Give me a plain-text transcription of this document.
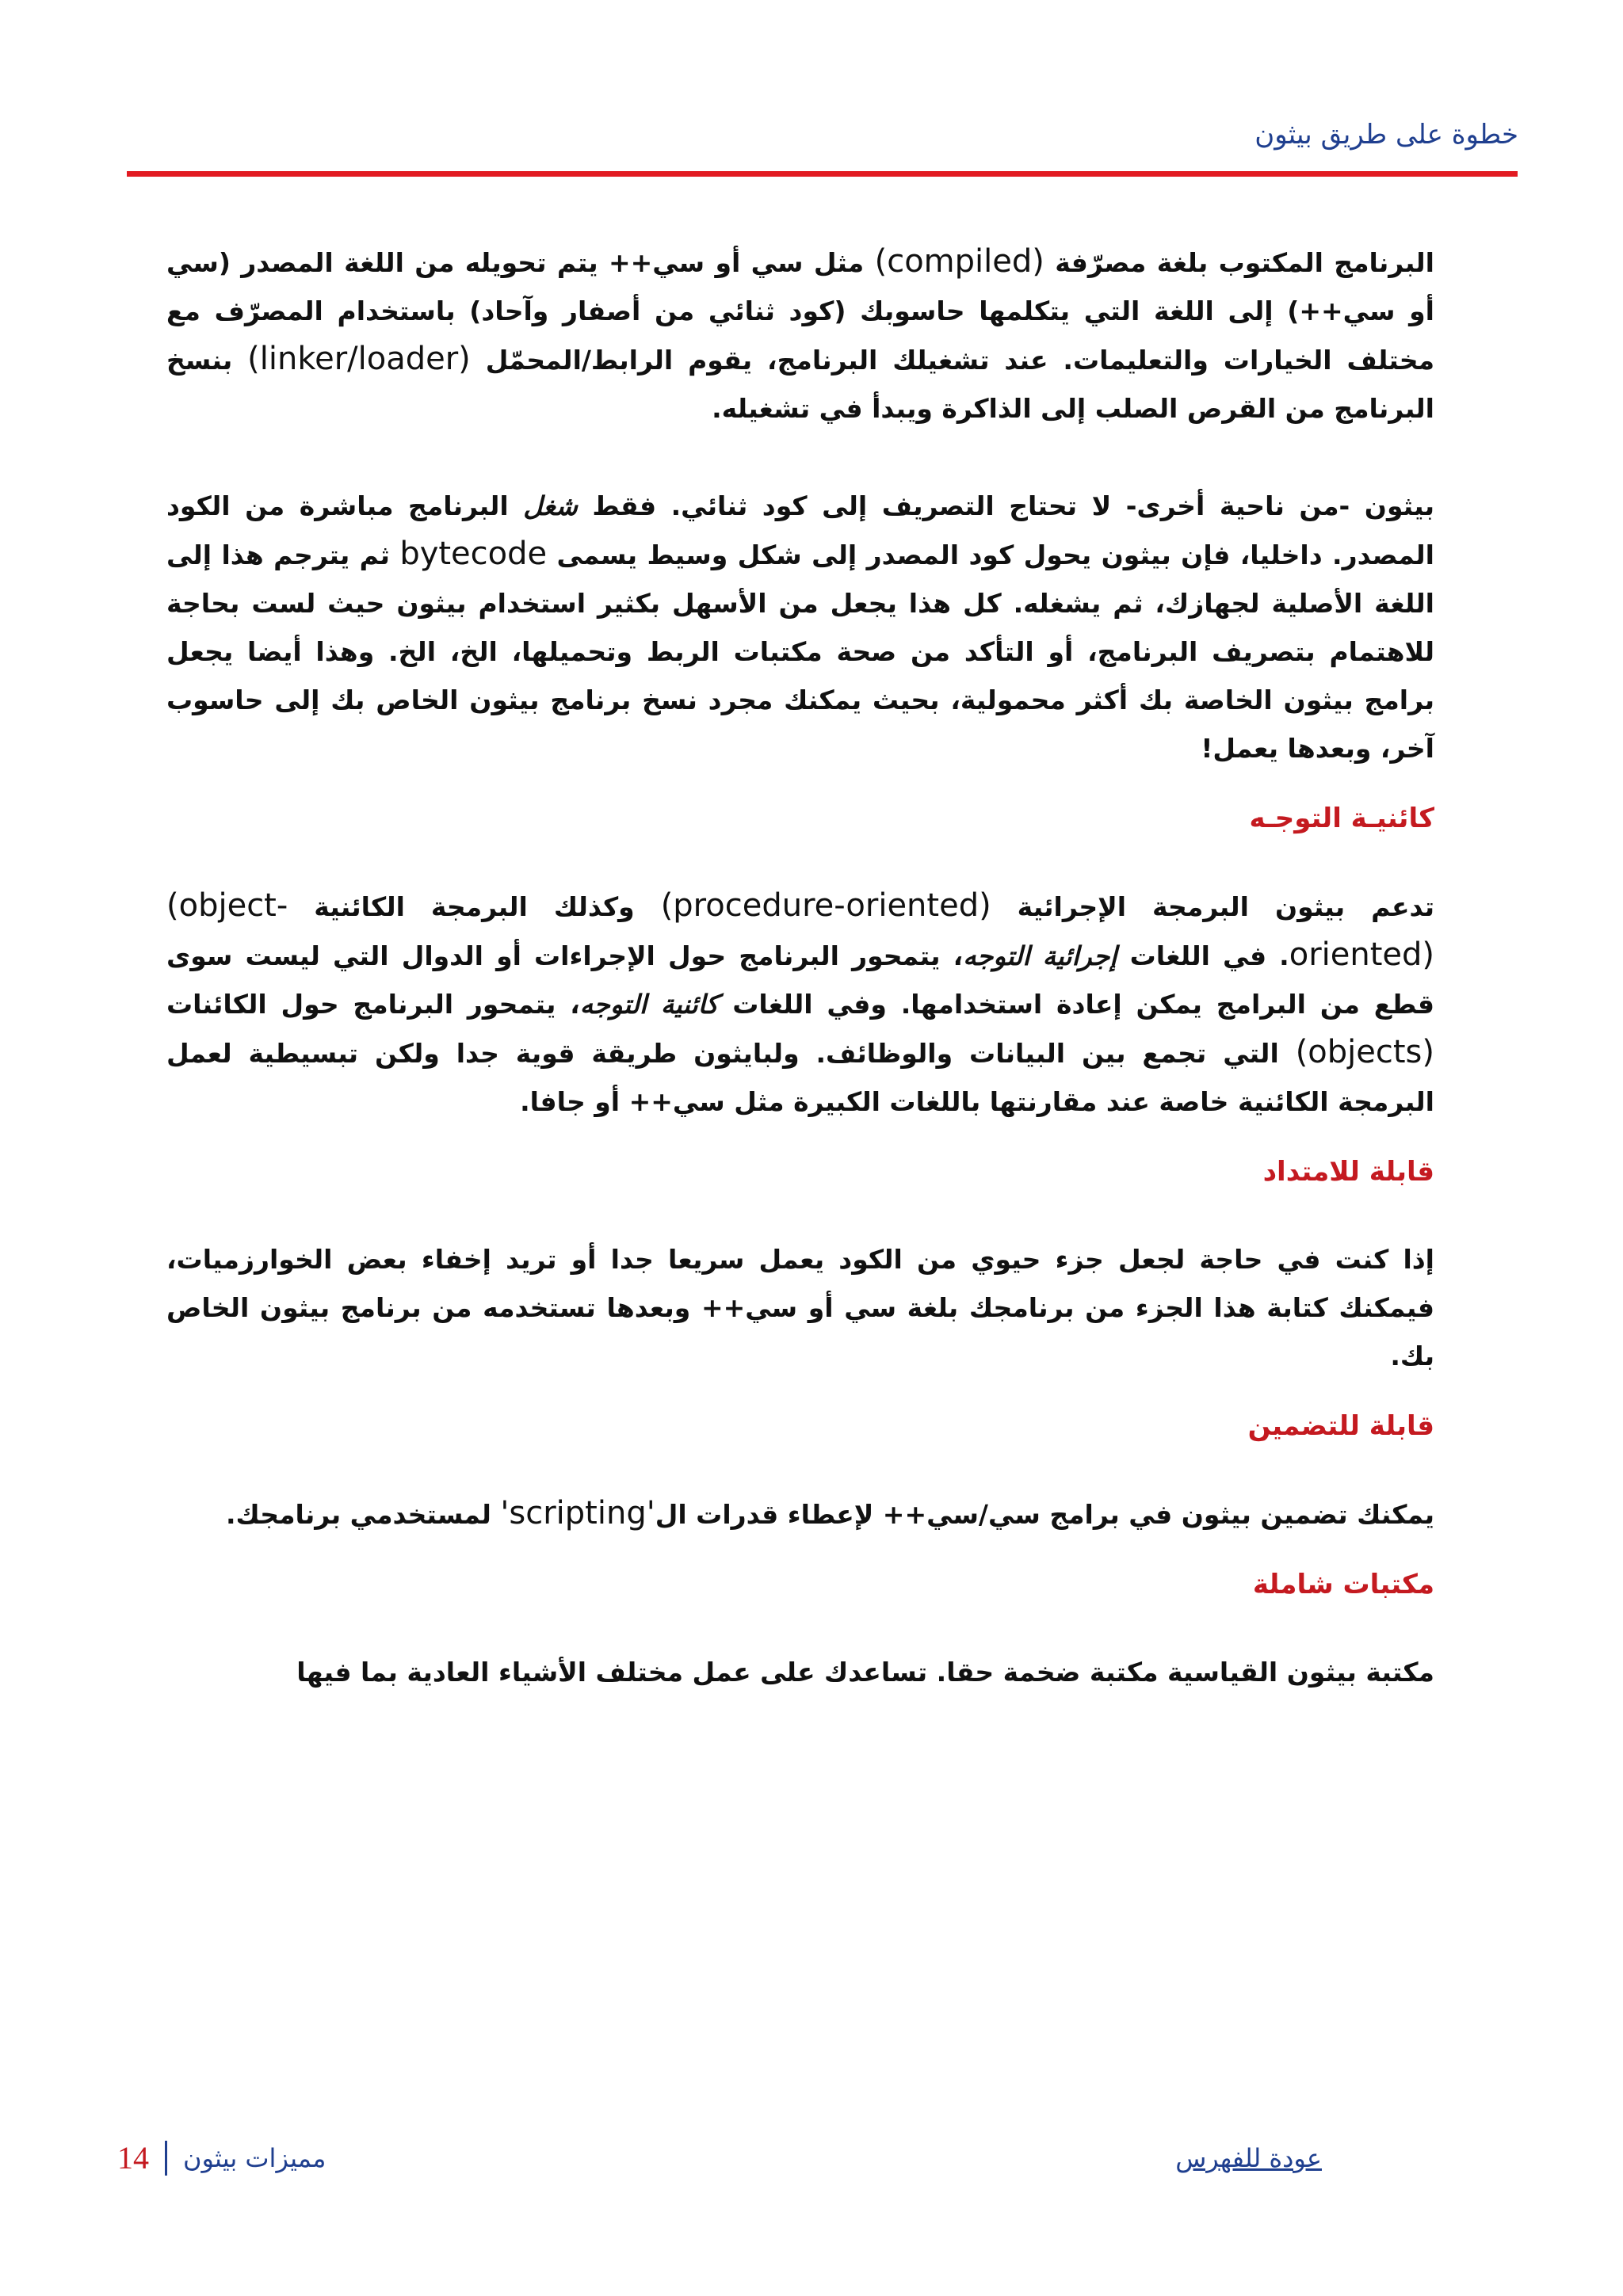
خطوة على طريق بيثون

البرنامج المكتوب بلغة مصرّفة (compiled) مثل سي أو سي++ يتم تحويله من اللغة المصدر (سي أو سي++) إلى اللغة التي يتكلمها حاسوبك (كود ثنائي من أصفار وآحاد) باستخدام المصرّف مع مختلف الخيارات والتعليمات. عند تشغيلك البرنامج، يقوم الرابط/المحمّل (linker/loader) بنسخ البرنامج من القرص الصلب إلى الذاكرة ويبدأ في تشغيله.

بيثون -من ناحية أخرى- لا تحتاج التصريف إلى كود ثنائي. فقط شغل البرنامج مباشرة من الكود المصدر. داخليا، فإن بيثون يحول كود المصدر إلى شكل وسيط يسمى bytecode ثم يترجم هذا إلى اللغة الأصلية لجهازك، ثم يشغله. كل هذا يجعل من الأسهل بكثير استخدام بيثون حيث لست بحاجة للاهتمام بتصريف البرنامج، أو التأكد من صحة مكتبات الربط وتحميلها، الخ، الخ. وهذا أيضا يجعل برامج بيثون الخاصة بك أكثر محمولية، بحيث يمكنك مجرد نسخ برنامج بيثون الخاص بك إلى حاسوب آخر، وبعدها يعمل!

كائنيـة التوجـه

تدعم بيثون البرمجة الإجرائية (procedure-oriented) وكذلك البرمجة الكائنية (object-oriented). في اللغات إجرائية التوجه، يتمحور البرنامج حول الإجراءات أو الدوال التي ليست سوى قطع من البرامج يمكن إعادة استخدامها. وفي اللغات كائنية التوجه، يتمحور البرنامج حول الكائنات (objects) التي تجمع بين البيانات والوظائف. ولبايثون طريقة قوية جدا ولكن تبسيطية لعمل البرمجة الكائنية خاصة عند مقارنتها باللغات الكبيرة مثل سي++ أو جافا.

قابلة للامتداد

إذا كنت في حاجة لجعل جزء حيوي من الكود يعمل سريعا جدا أو تريد إخفاء بعض الخوارزميات، فيمكنك كتابة هذا الجزء من برنامجك بلغة سي أو سي++ وبعدها تستخدمه من برنامج بيثون الخاص بك.

قابلة للتضمين

يمكنك تضمين بيثون في برامج سي/سي++ لإعطاء قدرات ال'scripting' لمستخدمي برنامجك.

مكتبات شاملة

مكتبة بيثون القياسية مكتبة ضخمة حقا. تساعدك على عمل مختلف الأشياء العادية بما فيها

مميزات بيثون
14	عودة للفهرس
